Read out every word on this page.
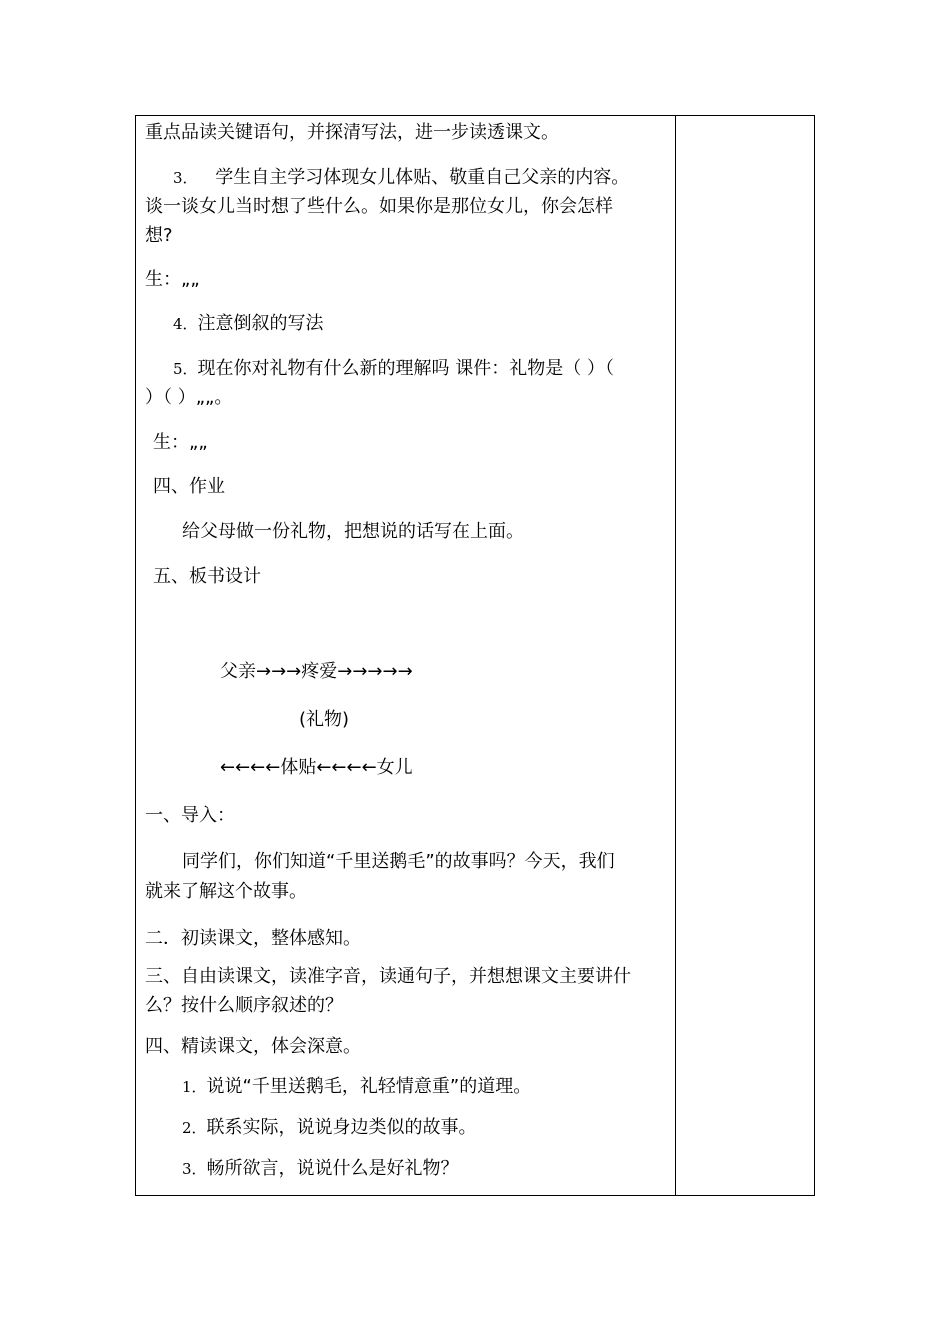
重点品读关键语句，并探清写法，进一步读透课文。
3． 学生自主学习体现女儿体贴、敬重自己父亲的内容。
谈一谈女儿当时想了些什么。如果你是那位女儿，你会怎样
想?
生：„„
4．注意倒叙的写法
5．现在你对礼物有什么新的理解吗 课件：礼物是（ ）（
）（ ）„„。
生：„„
四、作业
给父母做一份礼物，把想说的话写在上面。
五、板书设计
父亲→→→疼爱→→→→→
(礼物)
←←←←体贴←←←←女儿
一、导入：
同学们，你们知道“千里送鹅毛”的故事吗？今天，我们
就来了解这个故事。
二．初读课文，整体感知。
三、自由读课文，读准字音，读通句子，并想想课文主要讲什
么？按什么顺序叙述的？
四、精读课文，体会深意。
1．说说“千里送鹅毛，礼轻情意重”的道理。
2．联系实际，说说身边类似的故事。
3．畅所欲言，说说什么是好礼物？
